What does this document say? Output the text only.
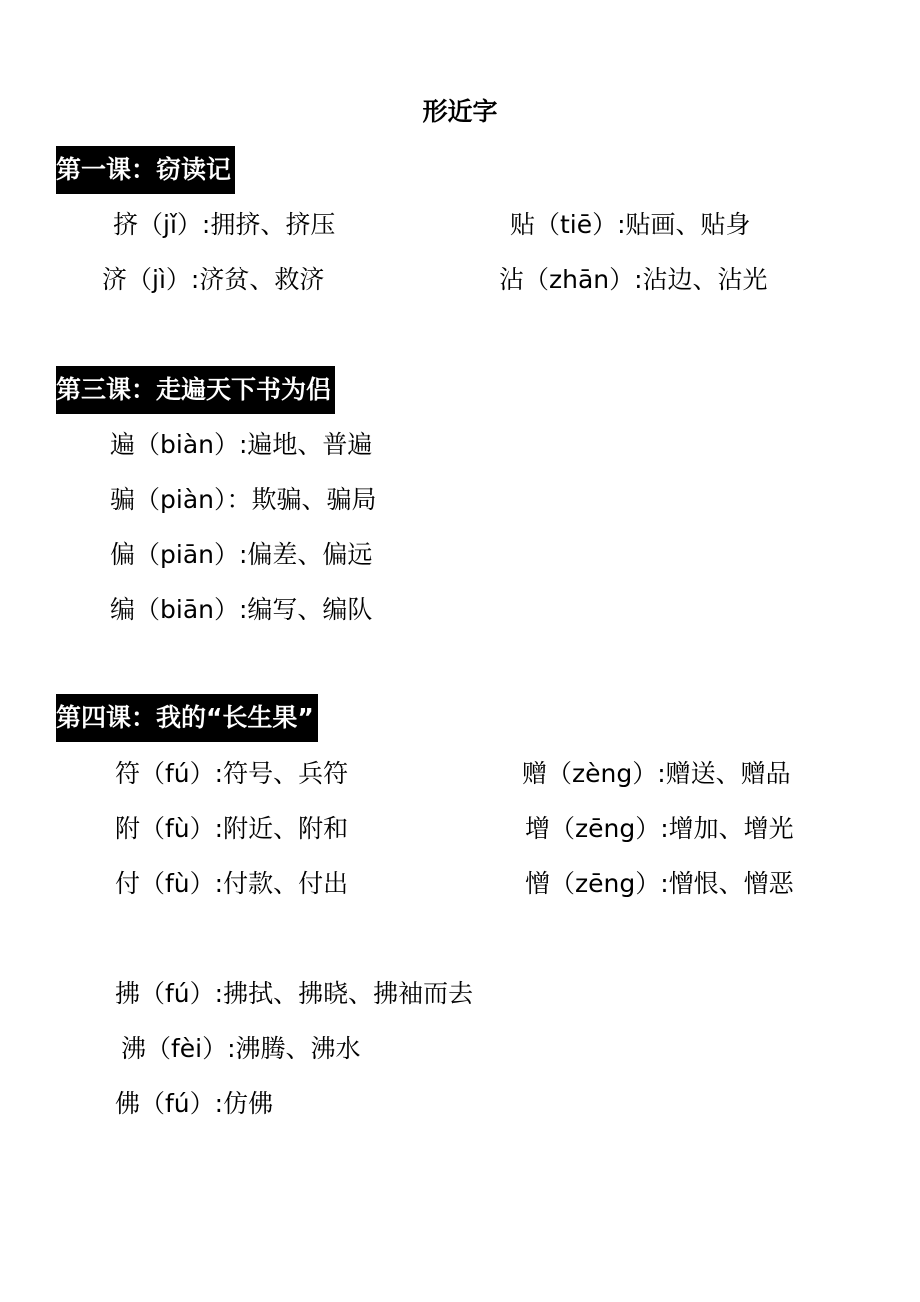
形近字
第一课：窃读记
挤（jǐ）:拥挤、挤压	贴（tiē）:贴画、贴身
济（jì）:济贫、救济	沾（zhān）:沾边、沾光
第三课：走遍天下书为侣
遍（biàn）:遍地、普遍
骗（piàn）：欺骗、骗局
偏（piān）:偏差、偏远
编（biān）:编写、编队
第四课：我的“长生果”
符（fú）:符号、兵符	赠（zèng）:赠送、赠品
附（fù）:附近、附和	增（zēng）:增加、增光
付（fù）:付款、付出	憎（zēng）:憎恨、憎恶
拂（fú）:拂拭、拂晓、拂袖而去
沸（fèi）:沸腾、沸水
佛（fú）:仿佛
